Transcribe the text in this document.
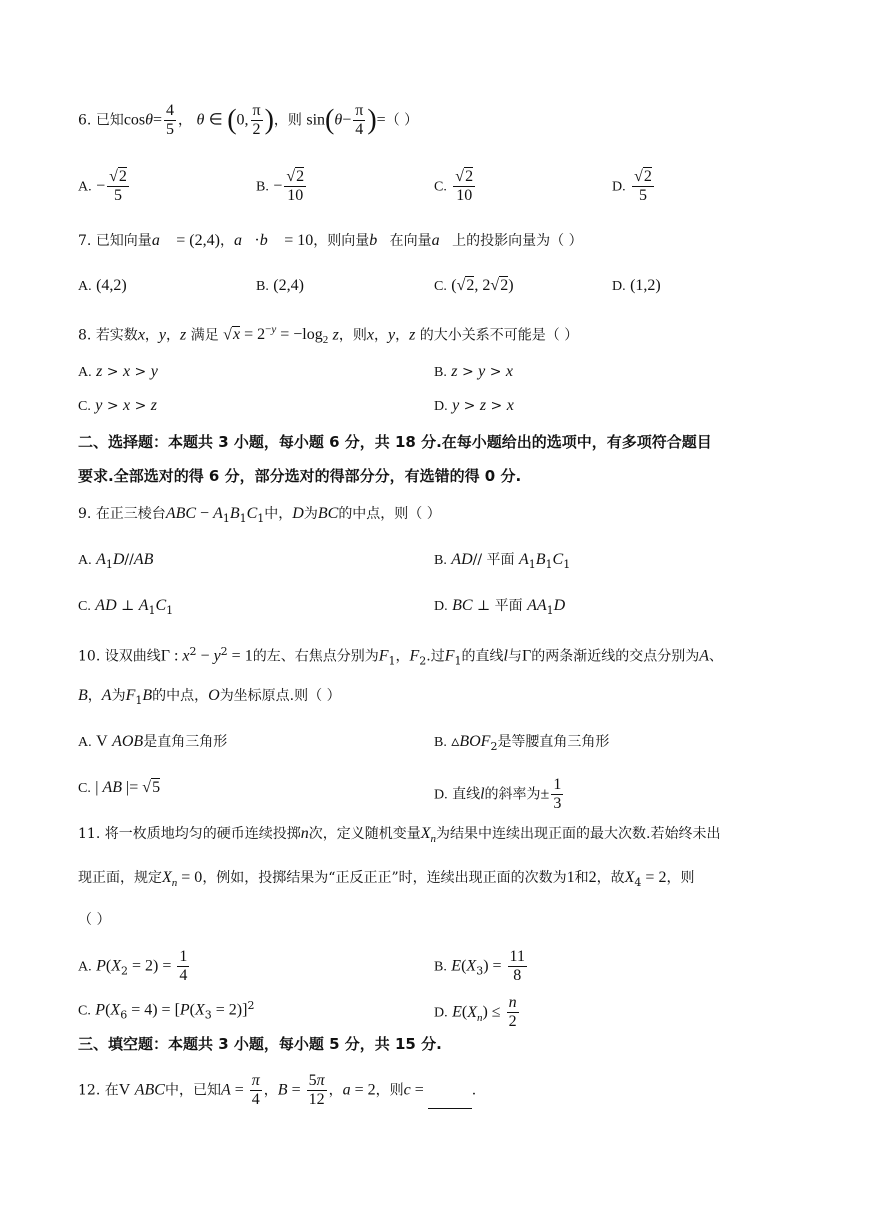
6. 已知$\cos\theta= \frac{4}{5}$ ， θ ∈ (0, $\frac{\pi}{2}$ )，则 $\sin(\theta- \frac{\pi}{4}$ )=（ ）
A. − $\frac{√2}{5}$	B. − $\frac{√2}{10}$	C. $\frac{√2}{10}$	D. $\frac{√2}{5}$
7. 已知向量a⃗ = (2,4)，a⃗·b⃗ = 10，则向量b⃗在向量a⃗上的投影向量为（ ）
A. (4,2)	B. (2,4)	C. (√2, 2√2)	D. (1,2)
8. 若实数x，y，z 满足 $√x = 2^{-y} = -\log_2$ z，则x，y，z 的大小关系不可能是（ ）
A. z > x > y	B. z > y > x
C. y > x > z	D. y > z > x
二、选择题：本题共 3 小题，每小题 6 分，共 18 分.在每小题给出的选项中，有多项符合题目
要求.全部选对的得 6 分，部分选对的得部分分，有选错的得 0 分.
9. 在正三棱台ABC − $A_1B_1C_1$中，D为BC的中点，则（ ）
A. $A_1D//AB$	B. AD// 平面 $A_1B_1C_1$
C. AD ⊥ $A_1C_1$	D. BC ⊥ 平面 $AA_1D$
10. 设双曲线Γ : $x^2 - y^2 = 1$的左、右焦点分别为$F_1$，$F_2$.过$F_1$的直线l与Γ的两条渐近线的交点分别为A、
B，A为$F_1B$的中点，O为坐标原点.则（ ）
A. V AOB是直角三角形	B. $▵BOF_2$是等腰直角三角形
C. | AB |= √5	D. 直线l的斜率为± $\frac{1}{3}$
11. 将一枚质地均匀的硬币连续投掷n次，定义随机变量$X_n$为结果中连续出现正面的最大次数.若始终未出
现正面，规定$X_n = 0$，例如，投掷结果为“正反正正”时，连续出现正面的次数为1和2，故$X_4 = 2$，则
（ ）
A. $P(X_2 = 2) = \frac{1}{4}$	B. $E(X_3) = \frac{11}{8}$
C. $P(X_6 = 4) = [P(X_3 = 2)]^2$	D. $E(X_n) \le \frac{n}{2}$
三、填空题：本题共 3 小题，每小题 5 分，共 15 分.
12. 在V ABC中，已知$A = \frac{\pi}{4}$ ，$B = \frac{5\pi}{12}$ ，a = 2，则c =	.
